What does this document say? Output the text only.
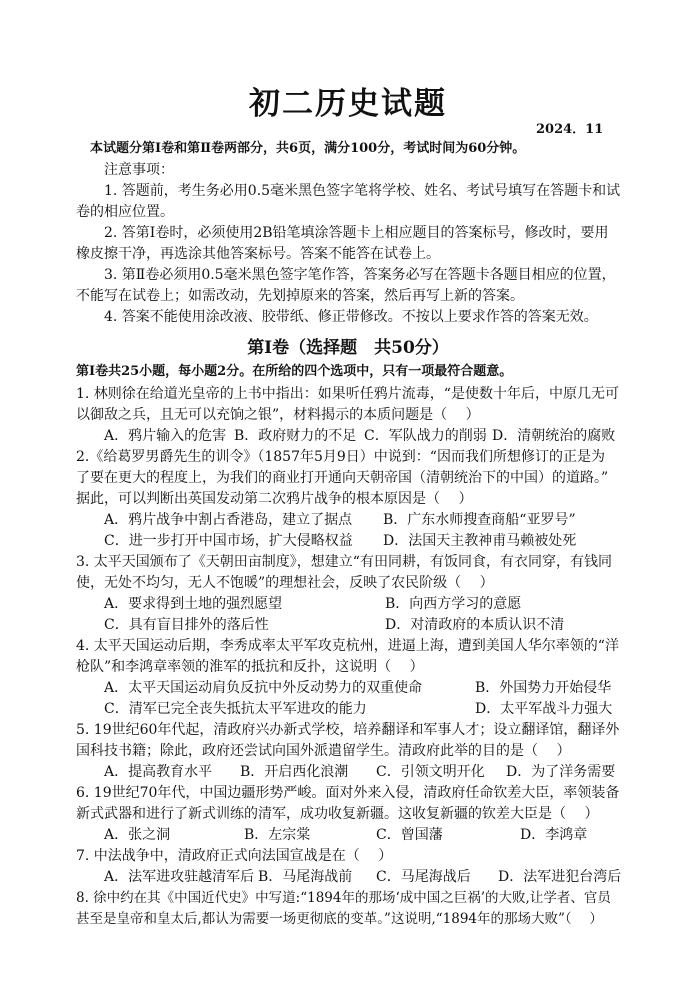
初二历史试题
2024．11
本试题分第Ⅰ卷和第Ⅱ卷两部分，共6页，满分100分，考试时间为60分钟。
注意事项：
1. 答题前，考生务必用0.5毫米黑色签字笔将学校、姓名、考试号填写在答题卡和试
卷的相应位置。
2. 答第Ⅰ卷时，必须使用2B铅笔填涂答题卡上相应题目的答案标号，修改时，要用
橡皮擦干净，再选涂其他答案标号。答案不能答在试卷上。
3. 第Ⅱ卷必须用0.5毫米黑色签字笔作答，答案务必写在答题卡各题目相应的位置，
不能写在试卷上；如需改动，先划掉原来的答案，然后再写上新的答案。
4. 答案不能使用涂改液、胶带纸、修正带修改。不按以上要求作答的答案无效。
第Ⅰ卷（选择题　共50分）
第Ⅰ卷共25小题，每小题2分。在所给的四个选项中，只有一项最符合题意。
1. 林则徐在给道光皇帝的上书中指出：如果听任鸦片流毒，“是使数十年后，中原几无可
以御敌之兵，且无可以充饷之银”，材料揭示的本质问题是（　 ）
A．鸦片输入的危害 B．政府财力的不足 C．军队战力的削弱 D．清朝统治的腐败
2.《给葛罗男爵先生的训令》（1857年5月9日）中说到：“因而我们所想修订的正是为
了要在更大的程度上，为我们的商业打开通向天朝帝国（清朝统治下的中国）的道路。”
据此，可以判断出英国发动第二次鸦片战争的根本原因是（　 ）
A．鸦片战争中割占香港岛，建立了据点 B．广东水师搜查商船“亚罗号”
C．进一步打开中国市场，扩大侵略权益 D．法国天主教神甫马赖被处死
3. 太平天国颁布了《天朝田亩制度》，想建立“有田同耕，有饭同食，有衣同穿，有钱同
使，无处不均匀，无人不饱暖”的理想社会，反映了农民阶级（　 ）
A．要求得到土地的强烈愿望	B．向西方学习的意愿
C．具有盲目排外的落后性	D．对清政府的本质认识不清
4. 太平天国运动后期，李秀成率太平军攻克杭州，进逼上海，遭到美国人华尔率领的“洋
枪队”和李鸿章率领的淮军的抵抗和反扑，这说明（　 ）
A．太平天国运动肩负反抗中外反动势力的双重使命	B．外国势力开始侵华
C．清军已完全丧失抵抗太平军进攻的能力	D．太平军战斗力强大
5. 19世纪60年代起，清政府兴办新式学校，培养翻译和军事人才；设立翻译馆，翻译外
国科技书籍；除此，政府还尝试向国外派遣留学生。清政府此举的目的是（　 ）
A．提高教育水平 B．开启西化浪潮 C．引领文明开化 D．为了洋务需要
6. 19世纪70年代，中国边疆形势严峻。面对外来入侵，清政府任命钦差大臣，率领装备
新式武器和进行了新式训练的清军，成功收复新疆。这收复新疆的钦差大臣是（　 ）
A．张之洞	B．左宗棠	C．曾国藩	D．李鸿章
7. 中法战争中，清政府正式向法国宣战是在（　 ）
A．法军进攻驻越清军后 B．马尾海战前 C．马尾海战后 D．法军进犯台湾后
8. 徐中约在其《中国近代史》中写道:“1894年的那场‘成中国之巨祸’的大败,让学者、官员
甚至是皇帝和皇太后,都认为需要一场更彻底的变革。”这说明,“1894年的那场大败”（　 ）
